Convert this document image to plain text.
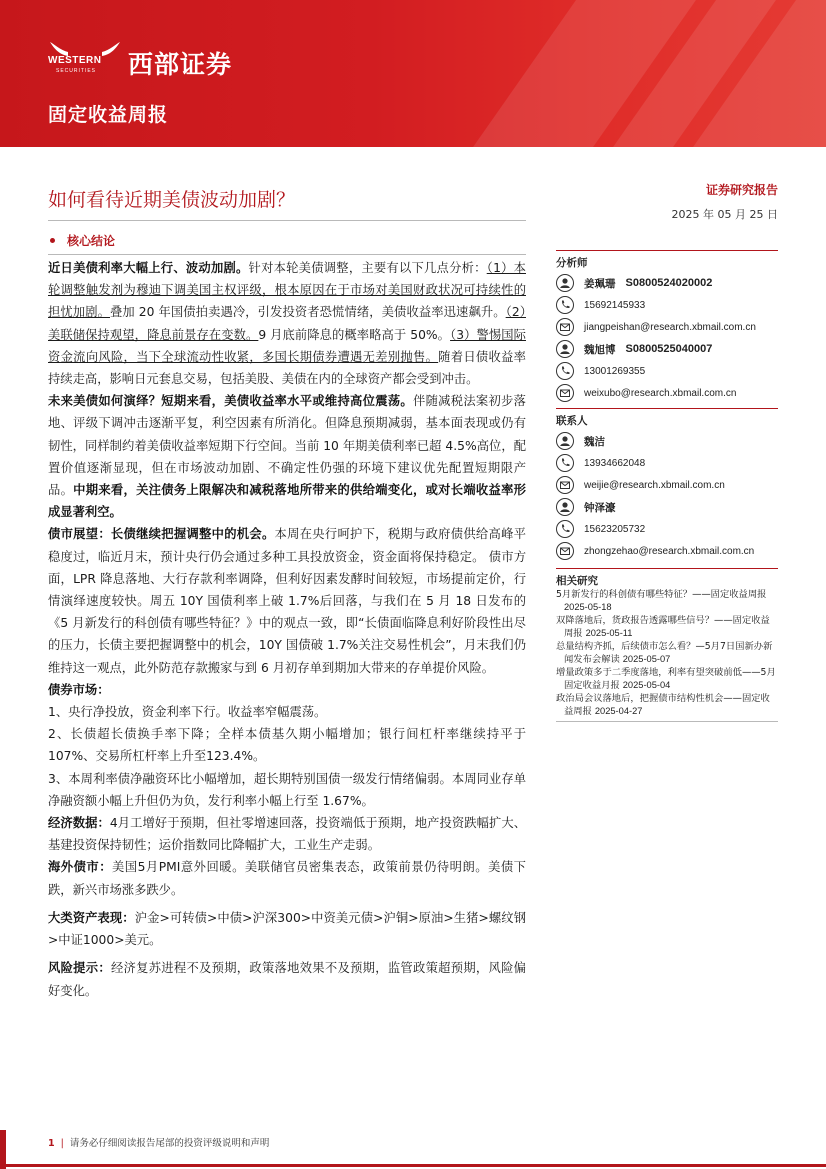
WESTERN
SECURITIES 西部证券
固定收益周报
如何看待近期美债波动加剧？	证券研究报告
2025 年 05 月 25 日
核心结论

近日美债利率大幅上行、波动加剧。针对本轮美债调整，主要有以下几点分析：（1）本轮调整触发剂为穆迪下调美国主权评级，根本原因在于市场对美国财政状况可持续性的担忧加剧。叠加 20 年国债拍卖遇冷，引发投资者恐慌情绪，美债收益率迅速飙升。（2）美联储保持观望，降息前景存在变数。9 月底前降息的概率略高于 50%。（3）警惕国际资金流向风险，当下全球流动性收紧，多国长期债券遭遇无差别抛售。随着日债收益率持续走高，影响日元套息交易，包括美股、美债在内的全球资产都会受到冲击。

未来美债如何演绎？短期来看，美债收益率水平或维持高位震荡。伴随减税法案初步落地、评级下调冲击逐渐平复，利空因素有所消化。但降息预期减弱，基本面表现或仍有韧性，同样制约着美债收益率短期下行空间。当前 10 年期美债利率已超 4.5%高位，配置价值逐渐显现，但在市场波动加剧、不确定性仍强的环境下建议优先配置短期限产品。中期来看，关注债务上限解决和减税落地所带来的供给端变化，或对长端收益率形成显著利空。

债市展望：长债继续把握调整中的机会。本周在央行呵护下，税期与政府债供给高峰平稳度过，临近月末，预计央行仍会通过多种工具投放资金，资金面将保持稳定。 债市方面，LPR 降息落地、大行存款利率调降，但利好因素发酵时间较短，市场提前定价，行情演绎速度较快。周五 10Y 国债利率上破 1.7%后回落，与我们在 5 月 18 日发布的《5 月新发行的科创债有哪些特征？》中的观点一致，即“长债面临降息利好阶段性出尽的压力，长债主要把握调整中的机会，10Y 国债破 1.7%关注交易性机会”，月末我们仍维持这一观点，此外防范存款搬家与到 6 月初存单到期加大带来的存单提价风险。

债券市场：

1、央行净投放，资金利率下行。收益率窄幅震荡。

2、长债超长债换手率下降；全样本债基久期小幅增加；银行间杠杆率继续持平于107%、交易所杠杆率上升至123.4%。

3、本周利率债净融资环比小幅增加，超长期特别国债一级发行情绪偏弱。本周同业存单净融资额小幅上升但仍为负，发行利率小幅上行至 1.67%。

经济数据：4月工增好于预期，但社零增速回落，投资端低于预期，地产投资跌幅扩大、基建投资保持韧性；运价指数同比降幅扩大，工业生产走弱。

海外债市：美国5月PMI意外回暖。美联储官员密集表态，政策前景仍待明朗。美债下跌，新兴市场涨多跌少。

大类资产表现：沪金>可转债>中债>沪深300>中资美元债>沪铜>原油>生猪>螺纹钢>中证1000>美元。

风险提示：经济复苏进程不及预期，政策落地效果不及预期，监管政策超预期，风险偏好变化。

分析师
姜珮珊 S0800524020002
15692145933
jiangpeishan@research.xbmail.com.cn
魏旭博 S0800525040007
13001269355
weixubo@research.xbmail.com.cn
联系人
魏洁
13934662048
weijie@research.xbmail.com.cn
钟泽濠
15623205732
zhongzehao@research.xbmail.com.cn
相关研究
5月新发行的科创债有哪些特征？——固定收益周报 2025-05-18
双降落地后，货政报告透露哪些信号？——固定收益周报 2025-05-11
总量结构齐抓，后续债市怎么看？—5月7日国新办新闻发布会解读 2025-05-07
增量政策多于二季度落地，利率有望突破前低——5月固定收益月报 2025-05-04
政治局会议落地后，把握债市结构性机会——固定收益周报 2025-04-27
1 | 请务必仔细阅读报告尾部的投资评级说明和声明
